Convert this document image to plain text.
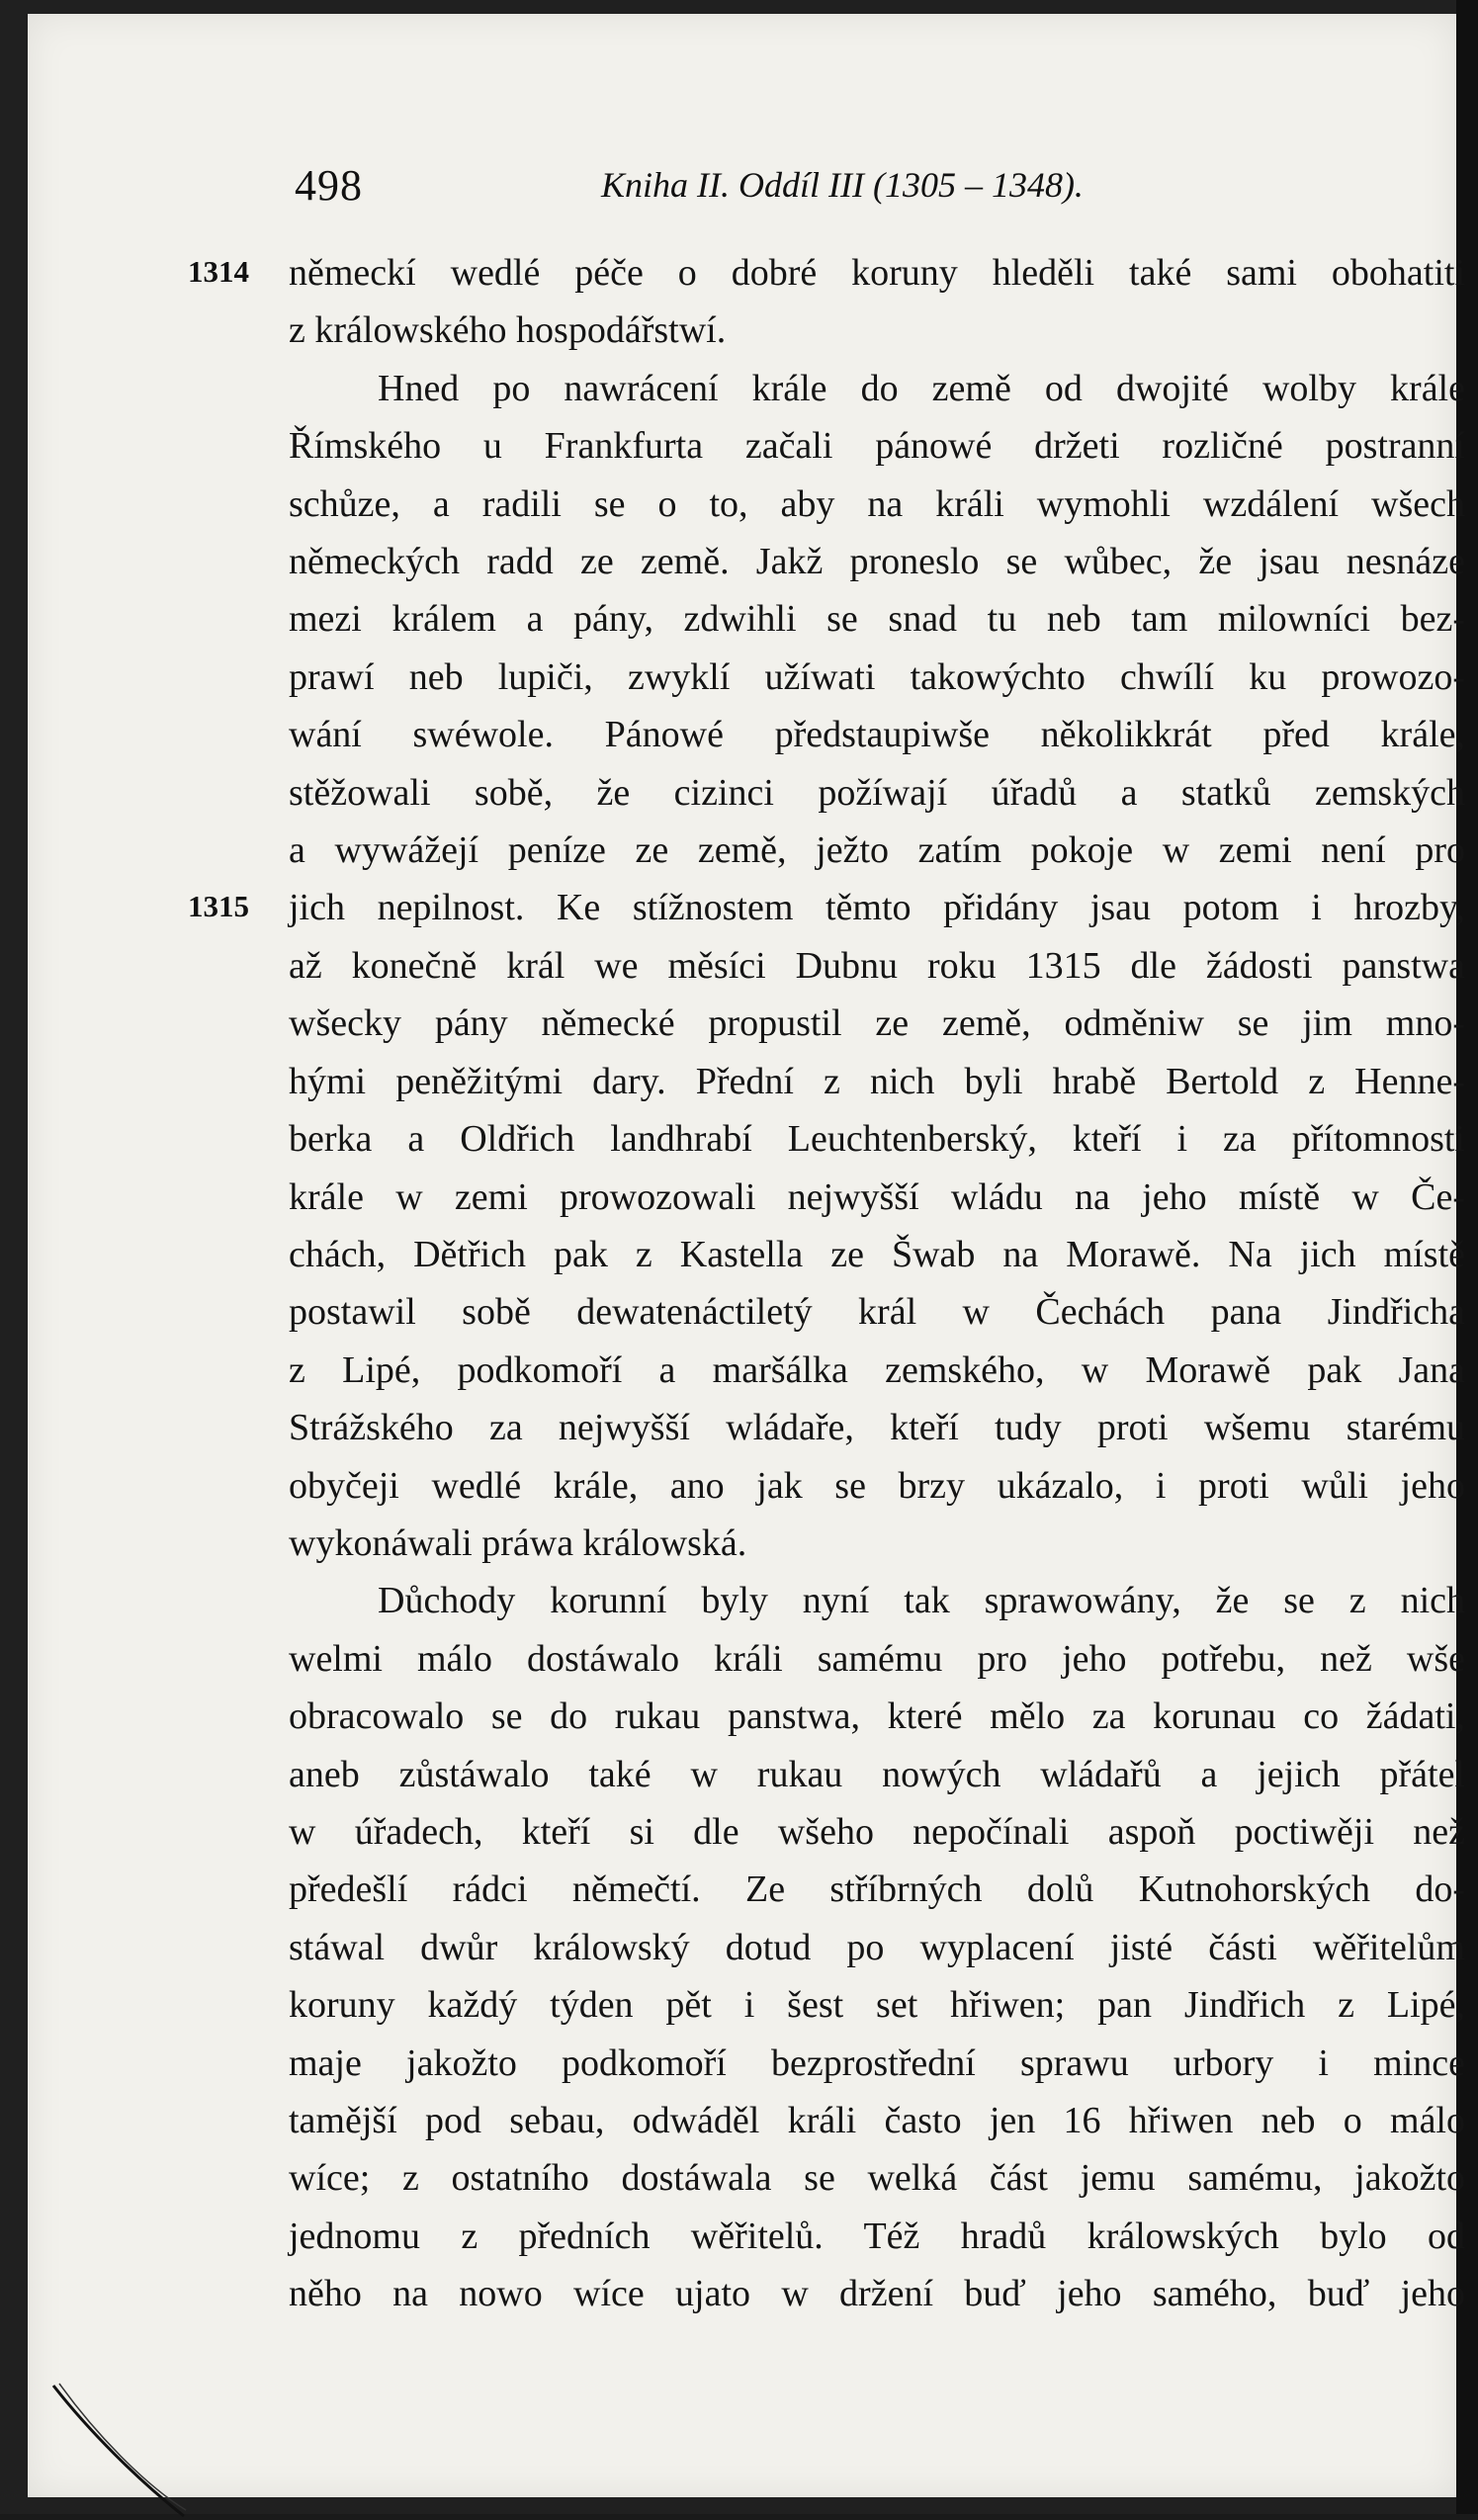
498	Kniha II. Oddíl III (1305 – 1348).
1314
1315
německí wedlé péče o dobré koruny hleděli také sami obohatiti
z králowského hospodářstwí.
Hned po nawrácení krále do země od dwojité wolby krále
Římského u Frankfurta začali pánowé držeti rozličné postranní
schůze, a radili se o to, aby na králi wymohli wzdálení wšech
německých radd ze země. Jakž proneslo se wůbec, že jsau nesnáze
mezi králem a pány, zdwihli se snad tu neb tam milowníci bez-
prawí neb lupiči, zwyklí užíwati takowýchto chwílí ku prowozo-
wání swéwole. Pánowé předstaupiwše několikkrát před krále,
stěžowali sobě, že cizinci požíwají úřadů a statků zemských
a wywážejí peníze ze země, ježto zatím pokoje w zemi není pro
jich nepilnost. Ke stížnostem těmto přidány jsau potom i hrozby,
až konečně král we měsíci Dubnu roku 1315 dle žádosti panstwa
wšecky pány německé propustil ze země, odměniw se jim mno-
hými peněžitými dary. Přední z nich byli hrabě Bertold z Henne-
berka a Oldřich landhrabí Leuchtenberský, kteří i za přítomnosti
krále w zemi prowozowali nejwyšší wládu na jeho místě w Če-
chách, Dětřich pak z Kastella ze Šwab na Morawě. Na jich místě
postawil sobě dewatenáctiletý král w Čechách pana Jindřicha
z Lipé, podkomoří a maršálka zemského, w Morawě pak Jana
Strážského za nejwyšší wládaře, kteří tudy proti wšemu starému
obyčeji wedlé krále, ano jak se brzy ukázalo, i proti wůli jeho
wykonáwali práwa králowská.
Důchody korunní byly nyní tak sprawowány, že se z nich
welmi málo dostáwalo králi samému pro jeho potřebu, než wše
obracowalo se do rukau panstwa, které mělo za korunau co žádati,
aneb zůstáwalo také w rukau nowých wládařů a jejich přátel
w úřadech, kteří si dle wšeho nepočínali aspoň poctiwěji než
předešlí rádci němečtí. Ze stříbrných dolů Kutnohorských do-
stáwal dwůr králowský dotud po wyplacení jisté části wěřitelům
koruny každý týden pět i šest set hřiwen; pan Jindřich z Lipé,
maje jakožto podkomoří bezprostřední sprawu urbory i mince
tamější pod sebau, odwáděl králi často jen 16 hřiwen neb o málo
wíce; z ostatního dostáwala se welká část jemu samému, jakožto
jednomu z předních wěřitelů. Též hradů králowských bylo od
něho na nowo wíce ujato w držení buď jeho samého, buď jeho
